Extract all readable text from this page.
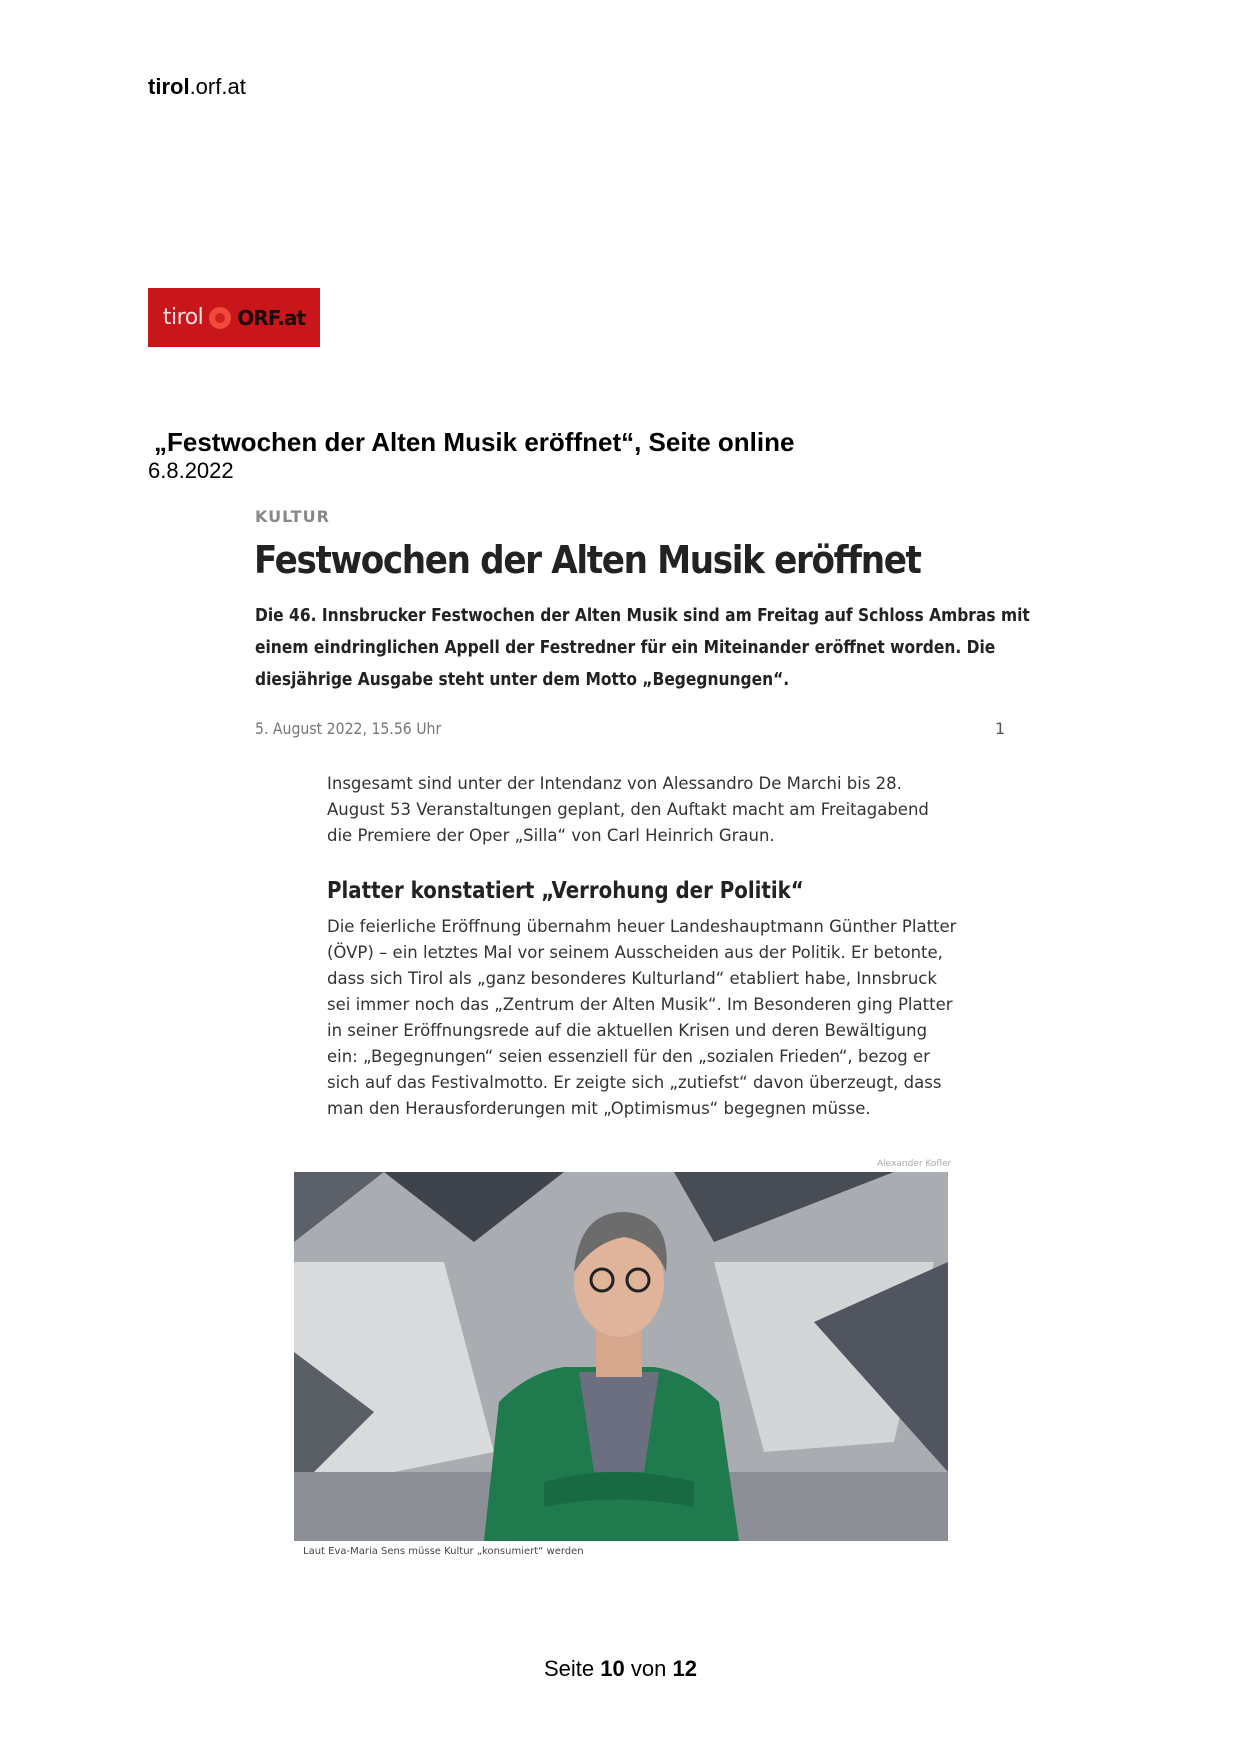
tirol.orf.at
tirol ORF.at
„Festwochen der Alten Musik eröffnet“, Seite online
6.8.2022
KULTUR
Festwochen der Alten Musik eröffnet
Die 46. Innsbrucker Festwochen der Alten Musik sind am Freitag auf Schloss Ambras mit einem eindringlichen Appell der Festredner für ein Miteinander eröffnet worden. Die diesjährige Ausgabe steht unter dem Motto „Begegnungen“.
5. August 2022, 15.56 Uhr	1
Insgesamt sind unter der Intendanz von Alessandro De Marchi bis 28. August 53 Veranstaltungen geplant, den Auftakt macht am Freitagabend die Premiere der Oper „Silla“ von Carl Heinrich Graun.
Platter konstatiert „Verrohung der Politik“
Die feierliche Eröffnung übernahm heuer Landeshauptmann Günther Platter (ÖVP) – ein letztes Mal vor seinem Ausscheiden aus der Politik. Er betonte, dass sich Tirol als „ganz besonderes Kulturland“ etabliert habe, Innsbruck sei immer noch das „Zentrum der Alten Musik“. Im Besonderen ging Platter in seiner Eröffnungsrede auf die aktuellen Krisen und deren Bewältigung ein: „Begegnungen“ seien essenziell für den „sozialen Frieden“, bezog er sich auf das Festivalmotto. Er zeigte sich „zutiefst“ davon überzeugt, dass man den Herausforderungen mit „Optimismus“ begegnen müsse.
Alexander Kofler
Laut Eva-Maria Sens müsse Kultur „konsumiert“ werden
Seite 10 von 12
